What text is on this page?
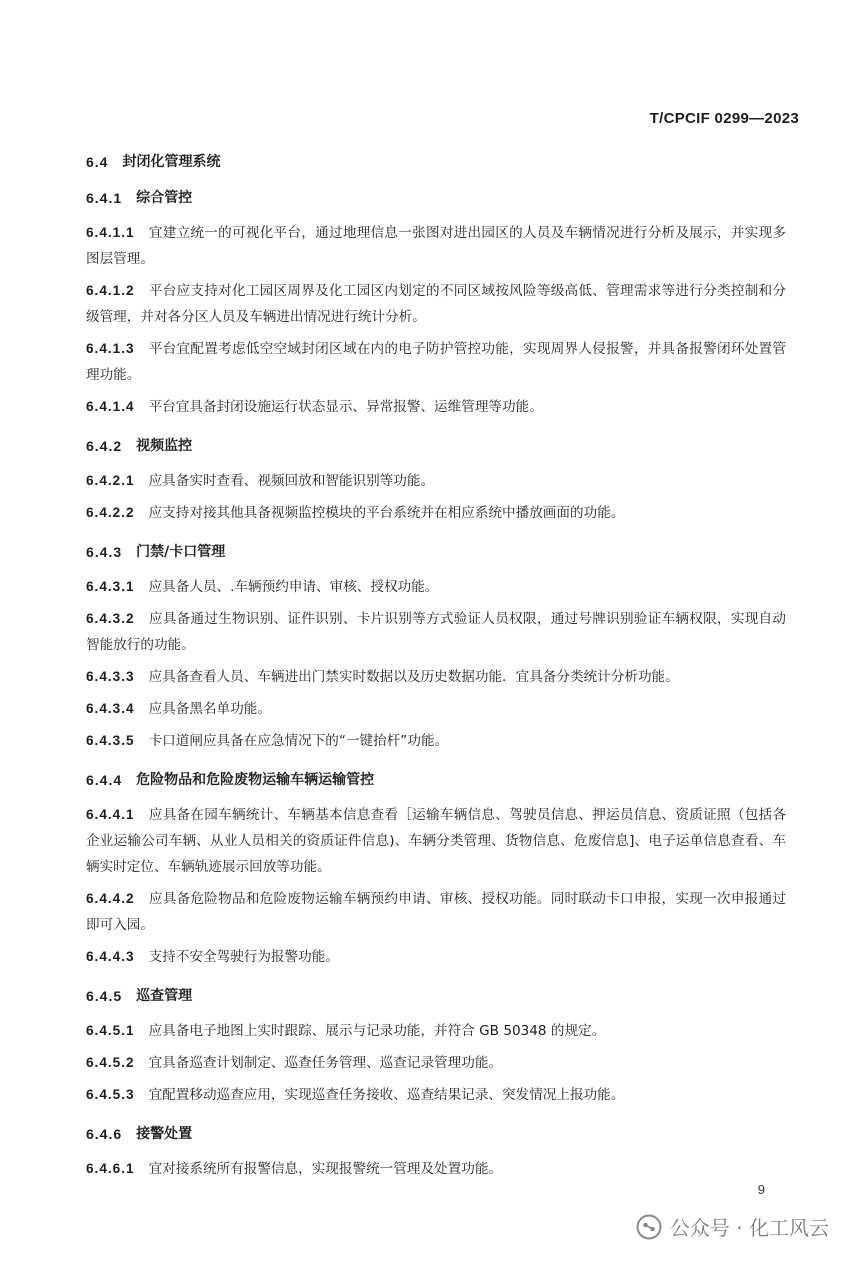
T/CPCIF 0299—2023
6.4 封闭化管理系统
6.4.1 综合管控
6.4.1.1 宜建立统一的可视化平台，通过地理信息一张图对进出园区的人员及车辆情况进行分析及展示，并实现多图层管理。
6.4.1.2 平台应支持对化工园区周界及化工园区内划定的不同区域按风险等级高低、管理需求等进行分类控制和分级管理，并对各分区人员及车辆进出情况进行统计分析。
6.4.1.3 平台宜配置考虑低空空域封闭区域在内的电子防护管控功能，实现周界人侵报警，并具备报警闭环处置管理功能。
6.4.1.4 平台宜具备封闭设施运行状态显示、异常报警、运维管理等功能。
6.4.2 视频监控
6.4.2.1 应具备实时查看、视频回放和智能识别等功能。
6.4.2.2 应支持对接其他具备视频监控模块的平台系统并在相应系统中播放画面的功能。
6.4.3 门禁/卡口管理
6.4.3.1 应具备人员、.车辆预约申请、审核、授权功能。
6.4.3.2 应具备通过生物识别、证件识别、卡片识别等方式验证人员权限，通过号牌识别验证车辆权限，实现自动智能放行的功能。
6.4.3.3 应具备查看人员、车辆进出门禁实时数据以及历史数据功能．宜具备分类统计分析功能。
6.4.3.4 应具备黑名单功能。
6.4.3.5 卡口道闸应具备在应急情况下的“一键抬杆”功能。
6.4.4 危险物品和危险废物运输车辆运输管控
6.4.4.1 应具备在园车辆统计、车辆基本信息查看［运输车辆信息、驾驶员信息、押运员信息、资质证照（包括各企业运输公司车辆、从业人员相关的资质证件信息)、车辆分类管理、货物信息、危废信息]、电子运单信息查看、车辆实时定位、车辆轨迹展示回放等功能。
6.4.4.2 应具备危险物品和危险废物运输车辆预约申请、审核、授权功能。同时联动卡口申报，实现一次申报通过即可入园。
6.4.4.3 支持不安全驾驶行为报警功能。
6.4.5 巡查管理
6.4.5.1 应具备电子地图上实时跟踪、展示与记录功能，并符合 GB 50348 的规定。
6.4.5.2 宜具备巡查计划制定、巡查任务管理、巡查记录管理功能。
6.4.5.3 宜配置移动巡查应用，实现巡查任务接收、巡查结果记录、突发情况上报功能。
6.4.6 接警处置
6.4.6.1 宜对接系统所有报警信息，实现报警统一管理及处置功能。
9
公众号 · 化工风云
